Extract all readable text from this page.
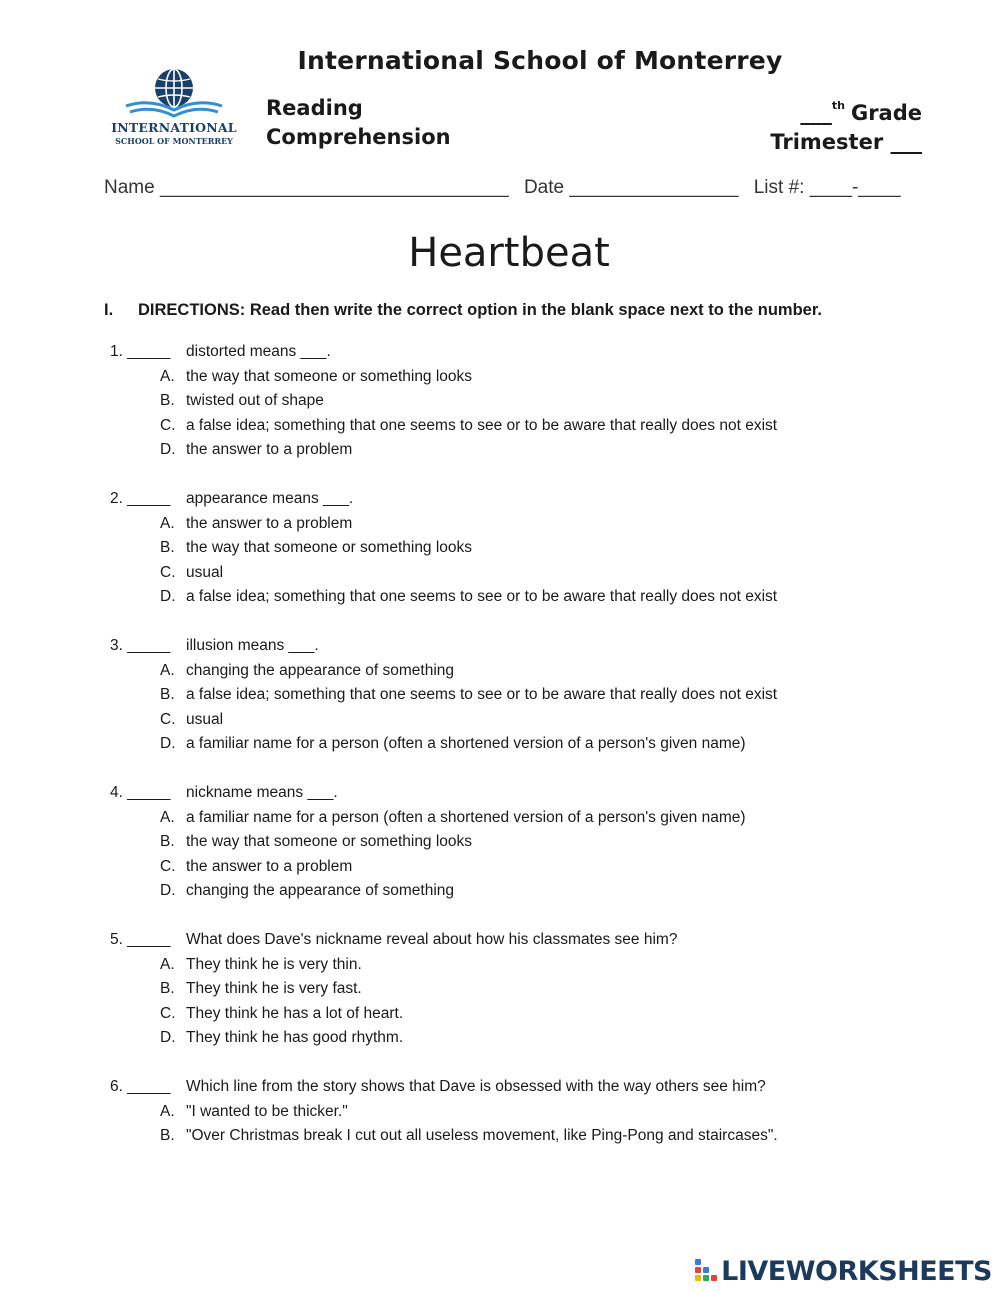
International School of Monterrey
INTERNATIONAL
SCHOOL OF MONTERREY
Reading
Comprehension
___$^{th}$ Grade
Trimester ___
Name _________________________________ Date ________________ List #: ____-____
Heartbeat
I. DIRECTIONS: Read then write the correct option in the blank space next to the number.
1. _____ distorted means ___.
A. the way that someone or something looks
B. twisted out of shape
C. a false idea; something that one seems to see or to be aware that really does not exist
D. the answer to a problem
2. _____ appearance means ___.
A. the answer to a problem
B. the way that someone or something looks
C. usual
D. a false idea; something that one seems to see or to be aware that really does not exist
3. _____ illusion means ___.
A. changing the appearance of something
B. a false idea; something that one seems to see or to be aware that really does not exist
C. usual
D. a familiar name for a person (often a shortened version of a person's given name)
4. _____ nickname means ___.
A. a familiar name for a person (often a shortened version of a person's given name)
B. the way that someone or something looks
C. the answer to a problem
D. changing the appearance of something
5. _____ What does Dave's nickname reveal about how his classmates see him?
A. They think he is very thin.
B. They think he is very fast.
C. They think he has a lot of heart.
D. They think he has good rhythm.
6. _____ Which line from the story shows that Dave is obsessed with the way others see him?
A. "I wanted to be thicker."
B. "Over Christmas break I cut out all useless movement, like Ping-Pong and staircases".
LIVEWORKSHEETS
